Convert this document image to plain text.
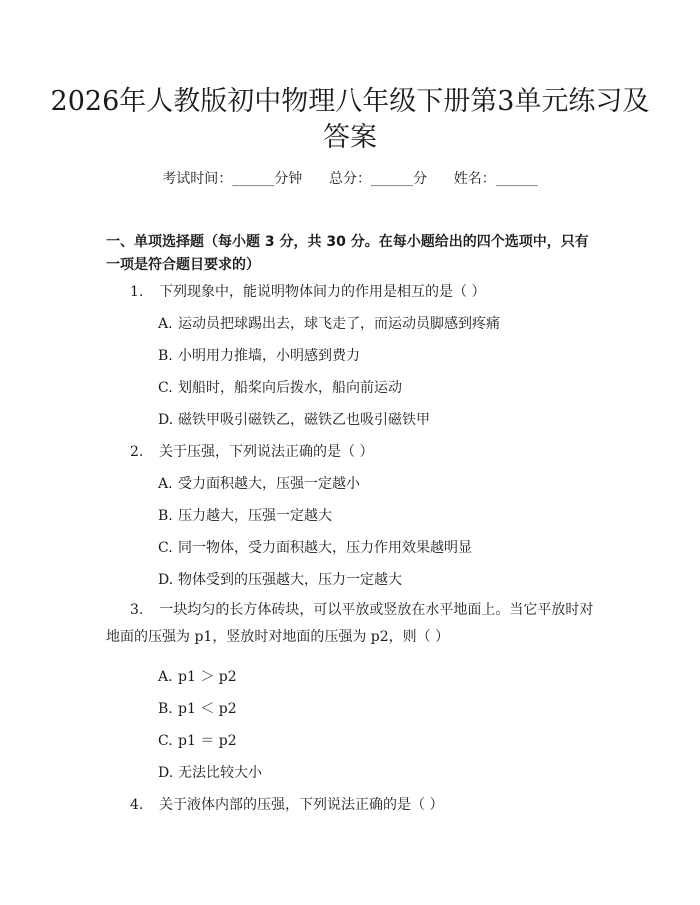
2026年人教版初中物理八年级下册第3单元练习及答案
考试时间：______分钟      总分：______分      姓名：______
一、单项选择题（每小题 3 分，共 30 分。在每小题给出的四个选项中，只有一项是符合题目要求的）
1. 下列现象中，能说明物体间力的作用是相互的是（ ）
A. 运动员把球踢出去，球飞走了，而运动员脚感到疼痛
B. 小明用力推墙，小明感到费力
C. 划船时，船桨向后拨水，船向前运动
D. 磁铁甲吸引磁铁乙，磁铁乙也吸引磁铁甲
2. 关于压强，下列说法正确的是（ ）
A. 受力面积越大，压强一定越小
B. 压力越大，压强一定越大
C. 同一物体，受力面积越大，压力作用效果越明显
D. 物体受到的压强越大，压力一定越大
3. 一块均匀的长方体砖块，可以平放或竖放在水平地面上。当它平放时对地面的压强为 p1，竖放时对地面的压强为 p2，则（ ）
A. p1 ＞ p2
B. p1 ＜ p2
C. p1 ＝ p2
D. 无法比较大小
4. 关于液体内部的压强，下列说法正确的是（ ）
